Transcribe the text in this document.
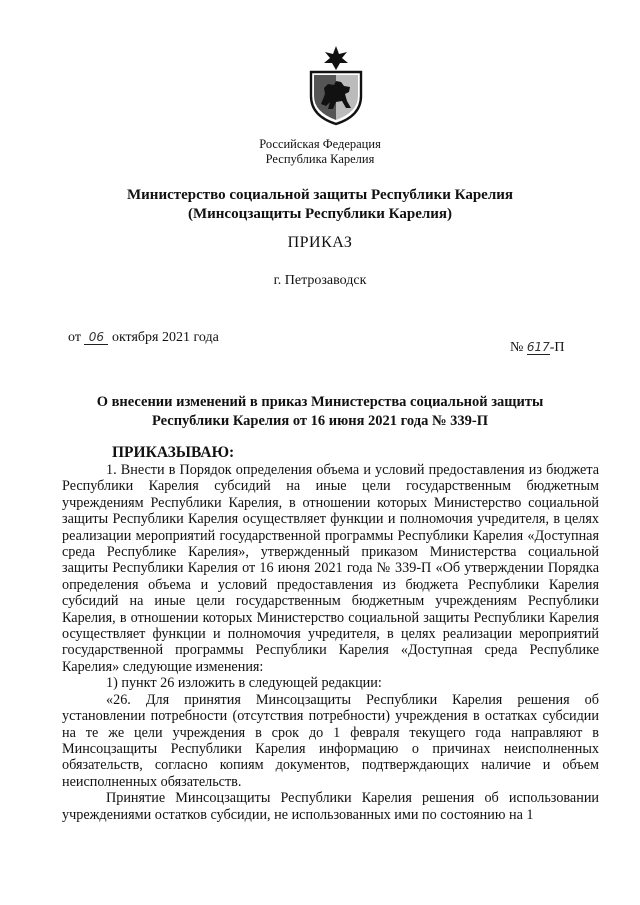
Российская Федерация
Республика Карелия
Министерство социальной защиты Республики Карелия
(Минсоцзащиты Республики Карелия)
ПРИКАЗ
г. Петрозаводск
от 06 октября 2021 года
№ 617-П
О внесении изменений в приказ Министерства социальной защиты
Республики Карелия от 16 июня 2021 года № 339-П
ПРИКАЗЫВАЮ:

1. Внести в Порядок определения объема и условий предоставления из бюджета Республики Карелия субсидий на иные цели государственным бюджетным учреждениям Республики Карелия, в отношении которых Министерство социальной защиты Республики Карелия осуществляет функции и полномочия учредителя, в целях реализации мероприятий государственной программы Республики Карелия «Доступная среда Республике Карелия», утвержденный приказом Министерства социальной защиты Республики Карелия от 16 июня 2021 года № 339-П «Об утверждении Порядка определения объема и условий предоставления из бюджета Республики Карелия субсидий на иные цели государственным бюджетным учреждениям Республики Карелия, в отношении которых Министерство социальной защиты Республики Карелия осуществляет функции и полномочия учредителя, в целях реализации мероприятий государственной программы Республики Карелия «Доступная среда Республике Карелия» следующие изменения:

1) пункт 26 изложить в следующей редакции:

«26. Для принятия Минсоцзащиты Республики Карелия решения об установлении потребности (отсутствия потребности) учреждения в остатках субсидии на те же цели учреждения в срок до 1 февраля текущего года направляют в Минсоцзащиты Республики Карелия информацию о причинах неисполненных обязательств, согласно копиям документов, подтверждающих наличие и объем неисполненных обязательств.

Принятие Минсоцзащиты Республики Карелия решения об использовании учреждениями остатков субсидии, не использованных ими по состоянию на 1
